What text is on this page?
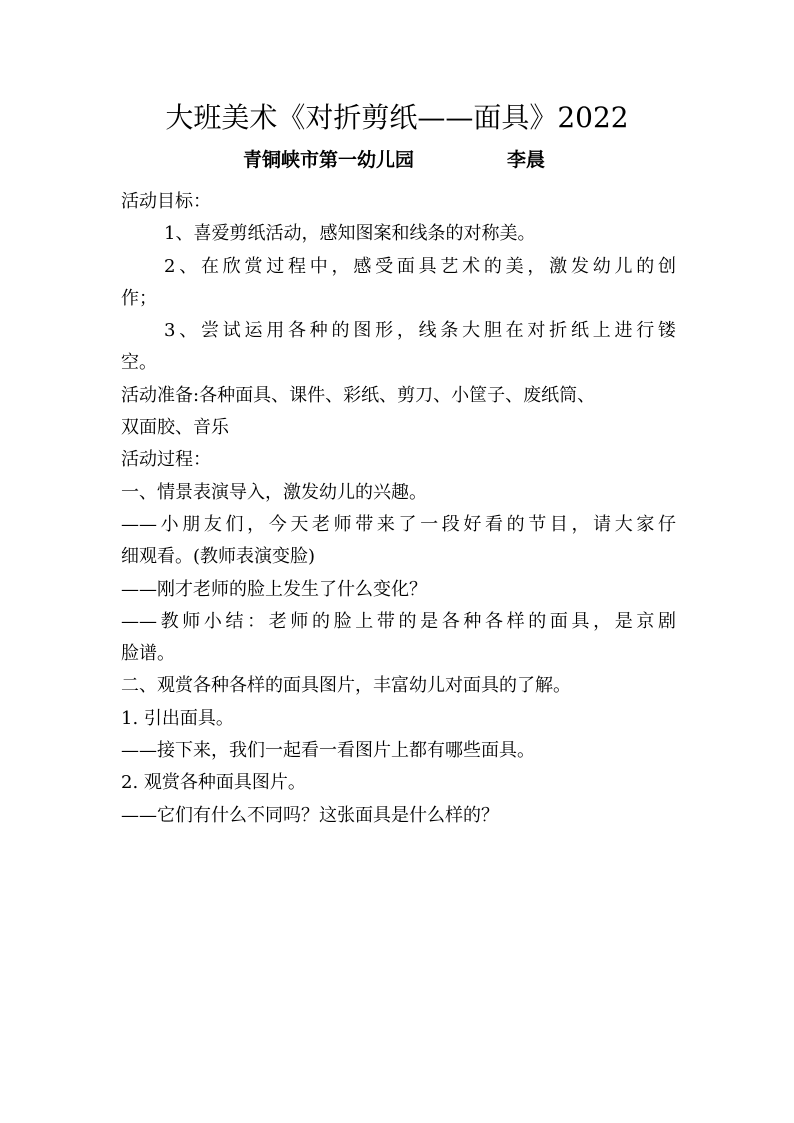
大班美术《对折剪纸——面具》2022
青铜峡市第一幼儿园	李晨

活动目标：

1、喜爱剪纸活动，感知图案和线条的对称美。

2、在欣赏过程中，感受面具艺术的美，激发幼儿的创

作；

3、尝试运用各种的图形，线条大胆在对折纸上进行镂

空。

活动准备:各种面具、课件、彩纸、剪刀、小筐子、废纸筒、

双面胶、音乐

活动过程：

一、情景表演导入，激发幼儿的兴趣。

——小朋友们，今天老师带来了一段好看的节目，请大家仔

细观看。(教师表演变脸)

——刚才老师的脸上发生了什么变化？

——教师小结：老师的脸上带的是各种各样的面具，是京剧

脸谱。

二、观赏各种各样的面具图片，丰富幼儿对面具的了解。

1. 引出面具。

——接下来，我们一起看一看图片上都有哪些面具。

2. 观赏各种面具图片。

——它们有什么不同吗？这张面具是什么样的？
